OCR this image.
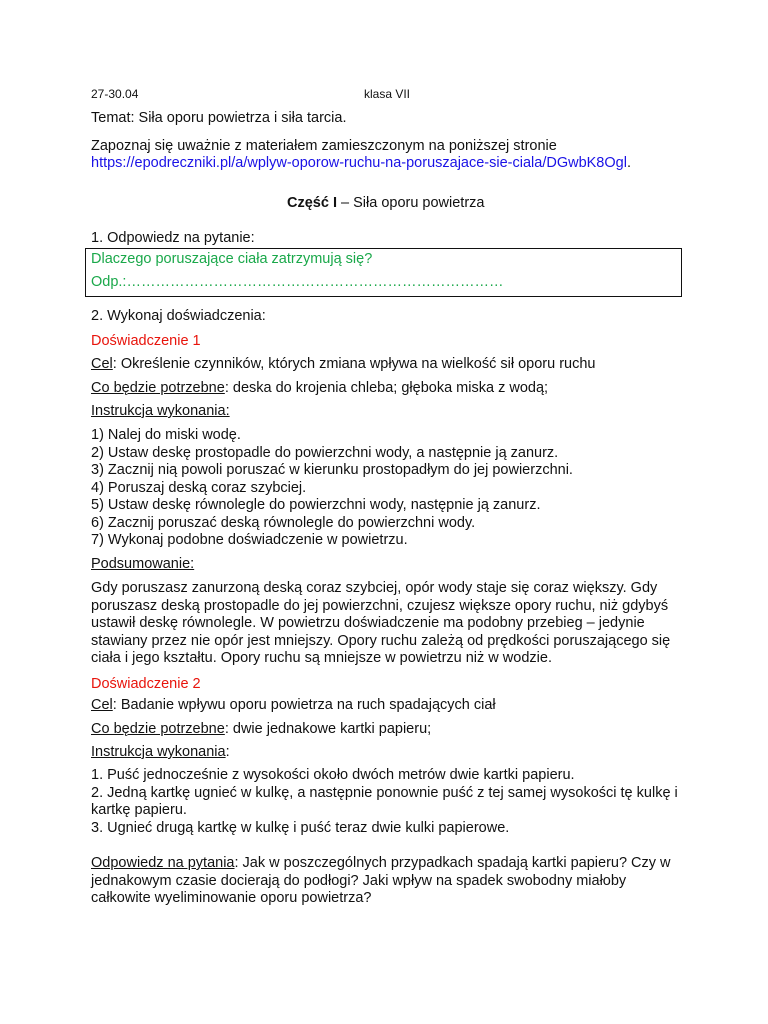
27-30.04	klasa VII
Temat: Siła oporu powietrza i siła tarcia.
Zapoznaj się uważnie z materiałem zamieszczonym na poniższej stronie
https://epodreczniki.pl/a/wplyw-oporow-ruchu-na-poruszajace-sie-ciala/DGwbK8Ogl.
Część I – Siła oporu powietrza
1. Odpowiedz na pytanie:
Dlaczego poruszające ciała zatrzymują się?
Odp.:……………………………………………………………………
2. Wykonaj doświadczenia:
Doświadczenie 1
Cel: Określenie czynników, których zmiana wpływa na wielkość sił oporu ruchu
Co będzie potrzebne: deska do krojenia chleba; głęboka miska z wodą;
Instrukcja wykonania:
1) Nalej do miski wodę.
2) Ustaw deskę prostopadle do powierzchni wody, a następnie ją zanurz.
3) Zacznij nią powoli poruszać w kierunku prostopadłym do jej powierzchni.
4) Poruszaj deską coraz szybciej.
5) Ustaw deskę równolegle do powierzchni wody, następnie ją zanurz.
6) Zacznij poruszać deską równolegle do powierzchni wody.
7) Wykonaj podobne doświadczenie w powietrzu.
Podsumowanie:
Gdy poruszasz zanurzoną deską coraz szybciej, opór wody staje się coraz większy. Gdy
poruszasz deską prostopadle do jej powierzchni, czujesz większe opory ruchu, niż gdybyś
ustawił deskę równolegle. W powietrzu doświadczenie ma podobny przebieg – jedynie
stawiany przez nie opór jest mniejszy. Opory ruchu zależą od prędkości poruszającego się
ciała i jego kształtu. Opory ruchu są mniejsze w powietrzu niż w wodzie.
Doświadczenie 2
Cel: Badanie wpływu oporu powietrza na ruch spadających ciał
Co będzie potrzebne: dwie jednakowe kartki papieru;
Instrukcja wykonania:
1. Puść jednocześnie z wysokości około dwóch metrów dwie kartki papieru.
2. Jedną kartkę ugnieć w kulkę, a następnie ponownie puść z tej samej wysokości tę kulkę i
kartkę papieru.
3. Ugnieć drugą kartkę w kulkę i puść teraz dwie kulki papierowe.
Odpowiedz na pytania: Jak w poszczególnych przypadkach spadają kartki papieru? Czy w
jednakowym czasie docierają do podłogi? Jaki wpływ na spadek swobodny miałoby
całkowite wyeliminowanie oporu powietrza?
